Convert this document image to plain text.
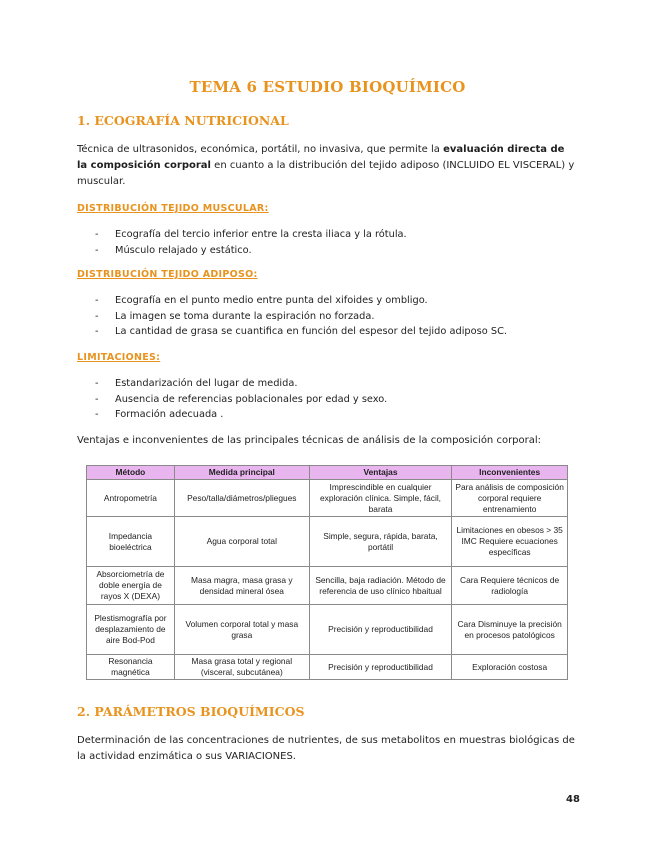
TEMA 6 ESTUDIO BIOQUÍMICO
1. ECOGRAFÍA NUTRICIONAL
Técnica de ultrasonidos, económica, portátil, no invasiva, que permite la evaluación directa de la composición corporal en cuanto a la distribución del tejido adiposo (INCLUIDO EL VISCERAL) y muscular.
DISTRIBUCIÓN TEJIDO MUSCULAR:
- Ecografía del tercio inferior entre la cresta iliaca y la rótula.
- Músculo relajado y estático.
DISTRIBUCIÓN TEJIDO ADIPOSO:
- Ecografía en el punto medio entre punta del xifoides y ombligo.
- La imagen se toma durante la espiración no forzada.
- La cantidad de grasa se cuantifica en función del espesor del tejido adiposo SC.
LIMITACIONES:
- Estandarización del lugar de medida.
- Ausencia de referencias poblacionales por edad y sexo.
- Formación adecuada .
Ventajas e inconvenientes de las principales técnicas de análisis de la composición corporal:
Método	Medida principal	Ventajas	Inconvenientes
Antropometría	Peso/talla/diámetros/pliegues	Imprescindible en cualquier exploración clínica. Simple, fácil, barata	Para análisis de composición corporal requiere entrenamiento
Impedancia bioeléctrica	Agua corporal total	Simple, segura, rápida, barata, portátil	Limitaciones en obesos > 35 IMC Requiere ecuaciones específicas
Absorciometría de doble energía de rayos X (DEXA)	Masa magra, masa grasa y densidad mineral ósea	Sencilla, baja radiación. Método de referencia de uso clínico hbaitual	Cara Requiere técnicos de radiología
Plestismografía por desplazamiento de aire Bod-Pod	Volumen corporal total y masa grasa	Precisión y reproductibilidad	Cara Disminuye la precisión en procesos patológicos
Resonancia magnética	Masa grasa total y regional (visceral, subcutánea)	Precisión y reproductibilidad	Exploración costosa
2. PARÁMETROS BIOQUÍMICOS
Determinación de las concentraciones de nutrientes, de sus metabolitos en muestras biológicas de la actividad enzimática o sus VARIACIONES.
48
